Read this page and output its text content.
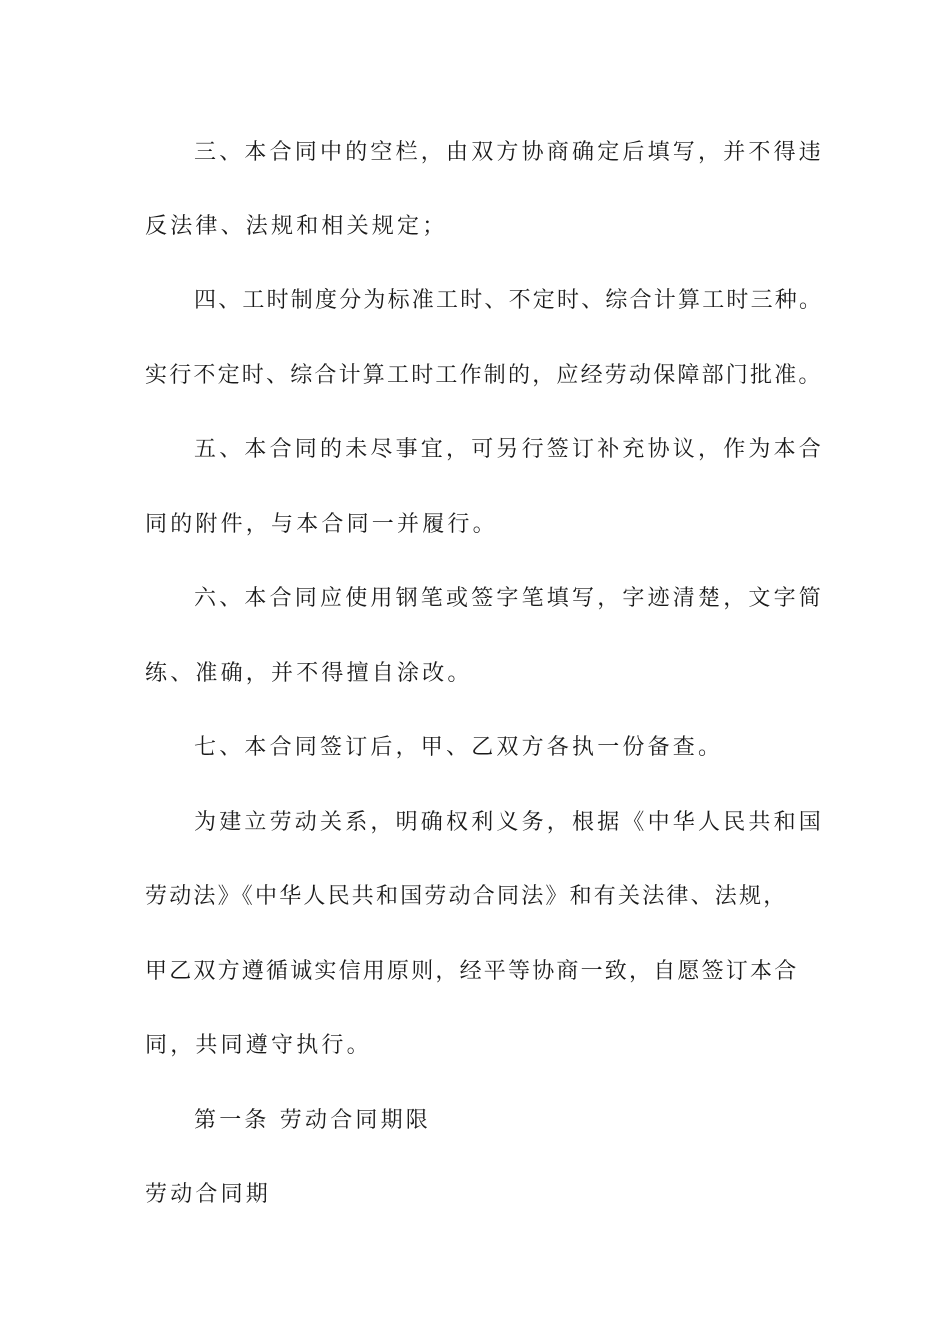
三、本合同中的空栏，由双方协商确定后填写，并不得违
反法律、法规和相关规定；
四、工时制度分为标准工时、不定时、综合计算工时三种。
实行不定时、综合计算工时工作制的，应经劳动保障部门批准。
五、本合同的未尽事宜，可另行签订补充协议，作为本合
同的附件，与本合同一并履行。
六、本合同应使用钢笔或签字笔填写，字迹清楚，文字简
练、准确，并不得擅自涂改。
七、本合同签订后，甲、乙双方各执一份备查。
为建立劳动关系，明确权利义务，根据《中华人民共和国
劳动法》《中华人民共和国劳动合同法》和有关法律、法规，
甲乙双方遵循诚实信用原则，经平等协商一致，自愿签订本合
同，共同遵守执行。
第一条 劳动合同期限
劳动合同期
